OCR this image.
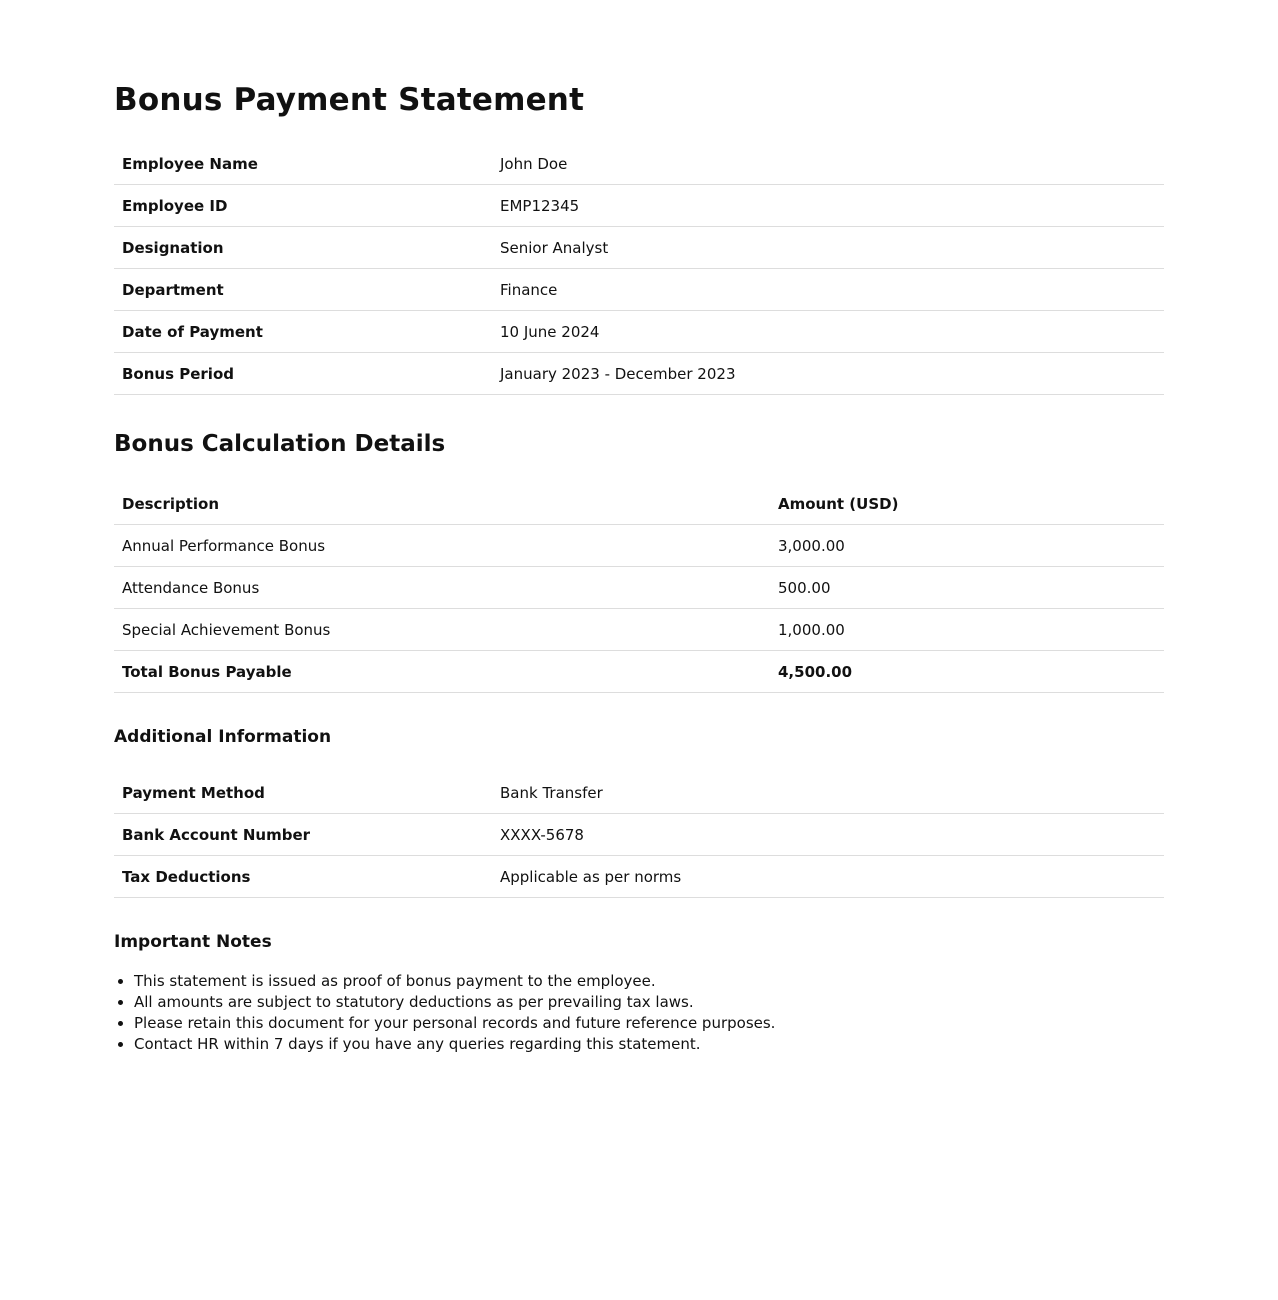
Bonus Payment Statement
Employee Name	John Doe
Employee ID	EMP12345
Designation	Senior Analyst
Department	Finance
Date of Payment	10 June 2024
Bonus Period	January 2023 - December 2023
Bonus Calculation Details
Description	Amount (USD)
Annual Performance Bonus	3,000.00
Attendance Bonus	500.00
Special Achievement Bonus	1,000.00
Total Bonus Payable	4,500.00
Additional Information
Payment Method	Bank Transfer
Bank Account Number	XXXX-5678
Tax Deductions	Applicable as per norms
Important Notes
• This statement is issued as proof of bonus payment to the employee.
• All amounts are subject to statutory deductions as per prevailing tax laws.
• Please retain this document for your personal records and future reference purposes.
• Contact HR within 7 days if you have any queries regarding this statement.
